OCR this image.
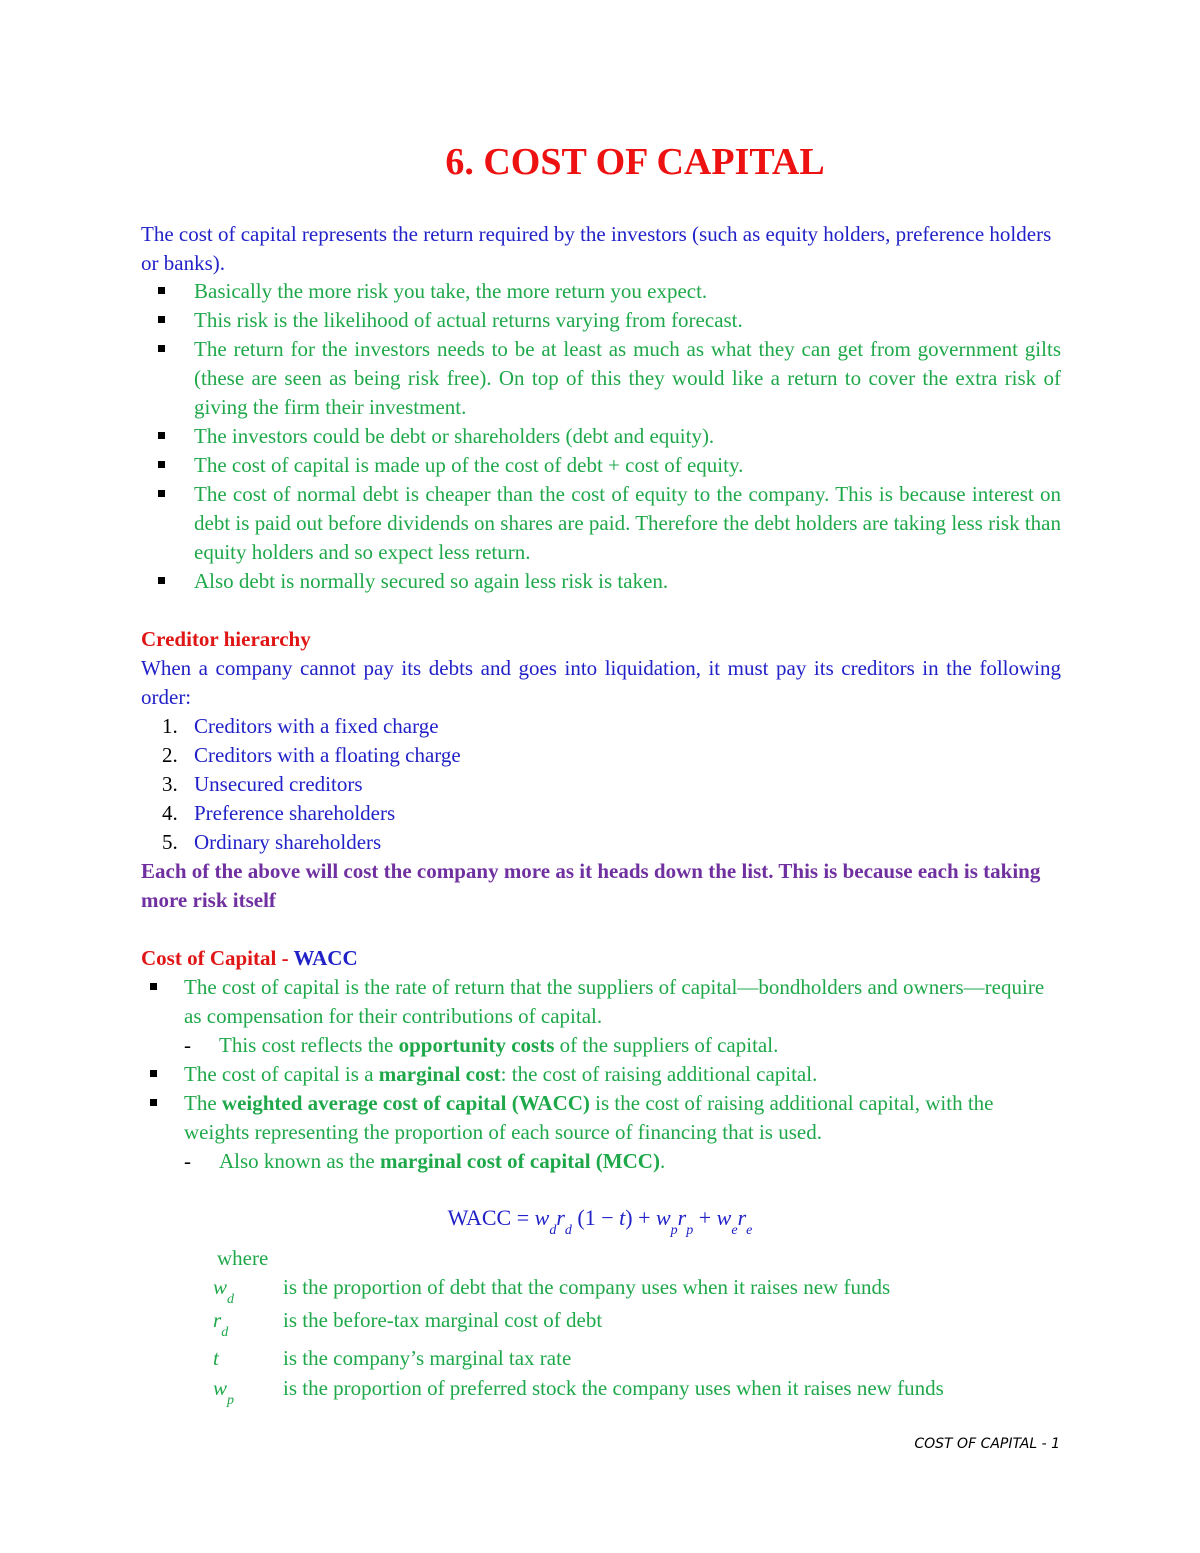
6. COST OF CAPITAL
The cost of capital represents the return required by the investors (such as equity holders, preference holders or banks).
Basically the more risk you take, the more return you expect.
This risk is the likelihood of actual returns varying from forecast.
The return for the investors needs to be at least as much as what they can get from government gilts (these are seen as being risk free). On top of this they would like a return to cover the extra risk of giving the firm their investment.
The investors could be debt or shareholders (debt and equity).
The cost of capital is made up of the cost of debt + cost of equity.
The cost of normal debt is cheaper than the cost of equity to the company. This is because interest on debt is paid out before dividends on shares are paid. Therefore the debt holders are taking less risk than equity holders and so expect less return.
Also debt is normally secured so again less risk is taken.
Creditor hierarchy
When a company cannot pay its debts and goes into liquidation, it must pay its creditors in the following order:
1. Creditors with a fixed charge
2. Creditors with a floating charge
3. Unsecured creditors
4. Preference shareholders
5. Ordinary shareholders
Each of the above will cost the company more as it heads down the list. This is because each is taking more risk itself
Cost of Capital - WACC
The cost of capital is the rate of return that the suppliers of capital—bondholders and owners—require as compensation for their contributions of capital.
- This cost reflects the opportunity costs of the suppliers of capital.
The cost of capital is a marginal cost: the cost of raising additional capital.
The weighted average cost of capital (WACC) is the cost of raising additional capital, with the weights representing the proportion of each source of financing that is used.
- Also known as the marginal cost of capital (MCC).
WACC = $w_dr_d$ $(1 - t) + w_pr_p + w_er_e$
where
$w_d$
is the proportion of debt that the company uses when it raises new funds
$r_d$
is the before-tax marginal cost of debt
t	is the company’s marginal tax rate
$w_p$
is the proportion of preferred stock the company uses when it raises new funds
COST OF CAPITAL - 1
